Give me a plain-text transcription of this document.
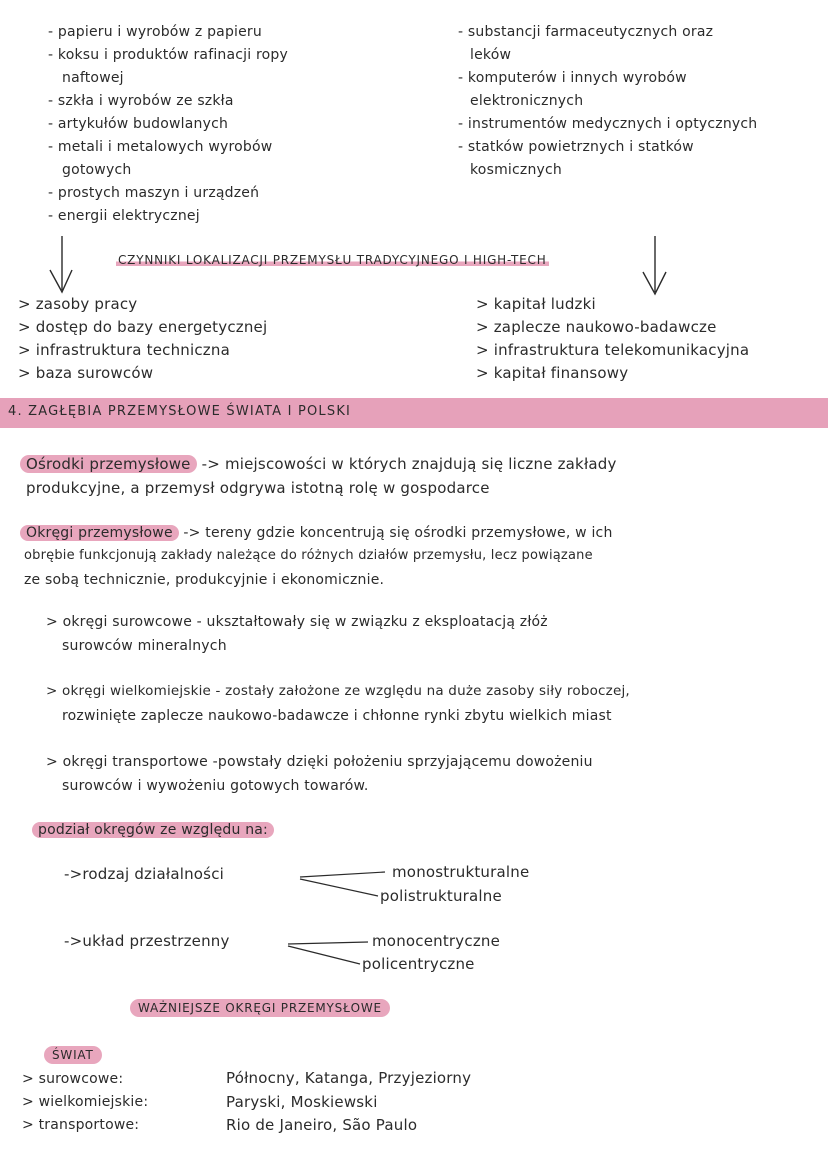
- papieru i wyrobów z papieru
- koksu i produktów rafinacji ropy
naftowej
- szkła i wyrobów ze szkła
- artykułów budowlanych
- metali i metalowych wyrobów
gotowych
- prostych maszyn i urządzeń
- energii elektrycznej
- substancji farmaceutycznych oraz
leków
- komputerów i innych wyrobów
elektronicznych
- instrumentów medycznych i optycznych
- statków powietrznych i statków
kosmicznych
CZYNNIKI LOKALIZACJI PRZEMYSŁU TRADYCYJNEGO I HIGH-TECH
> zasoby pracy
> dostęp do bazy energetycznej
> infrastruktura techniczna
> baza surowców
> kapitał ludzki
> zaplecze naukowo-badawcze
> infrastruktura telekomunikacyjna
> kapitał finansowy
4. ZAGŁĘBIA PRZEMYSŁOWE ŚWIATA I POLSKI
Ośrodki przemysłowe -> miejscowości w których znajdują się liczne zakłady
produkcyjne, a przemysł odgrywa istotną rolę w gospodarce
Okręgi przemysłowe -> tereny gdzie koncentrują się ośrodki przemysłowe, w ich
obrębie funkcjonują zakłady należące do różnych działów przemysłu, lecz powiązane
ze sobą technicznie, produkcyjnie i ekonomicznie.
> okręgi surowcowe - ukształtowały się w związku z eksploatacją złóż
surowców mineralnych
> okręgi wielkomiejskie - zostały założone ze względu na duże zasoby siły roboczej,
rozwinięte zaplecze naukowo-badawcze i chłonne rynki zbytu wielkich miast
> okręgi transportowe -powstały dzięki położeniu sprzyjającemu dowożeniu
surowców i wywożeniu gotowych towarów.
podział okręgów ze względu na:
->rodzaj działalności	monostrukturalne
polistrukturalne
->układ przestrzenny	monocentryczne
policentryczne
WAŻNIEJSZE OKRĘGI PRZEMYSŁOWE
ŚWIAT
> surowcowe:	Północny, Katanga, Przyjeziorny
> wielkomiejskie:	Paryski, Moskiewski
> transportowe:	Rio de Janeiro, São Paulo
